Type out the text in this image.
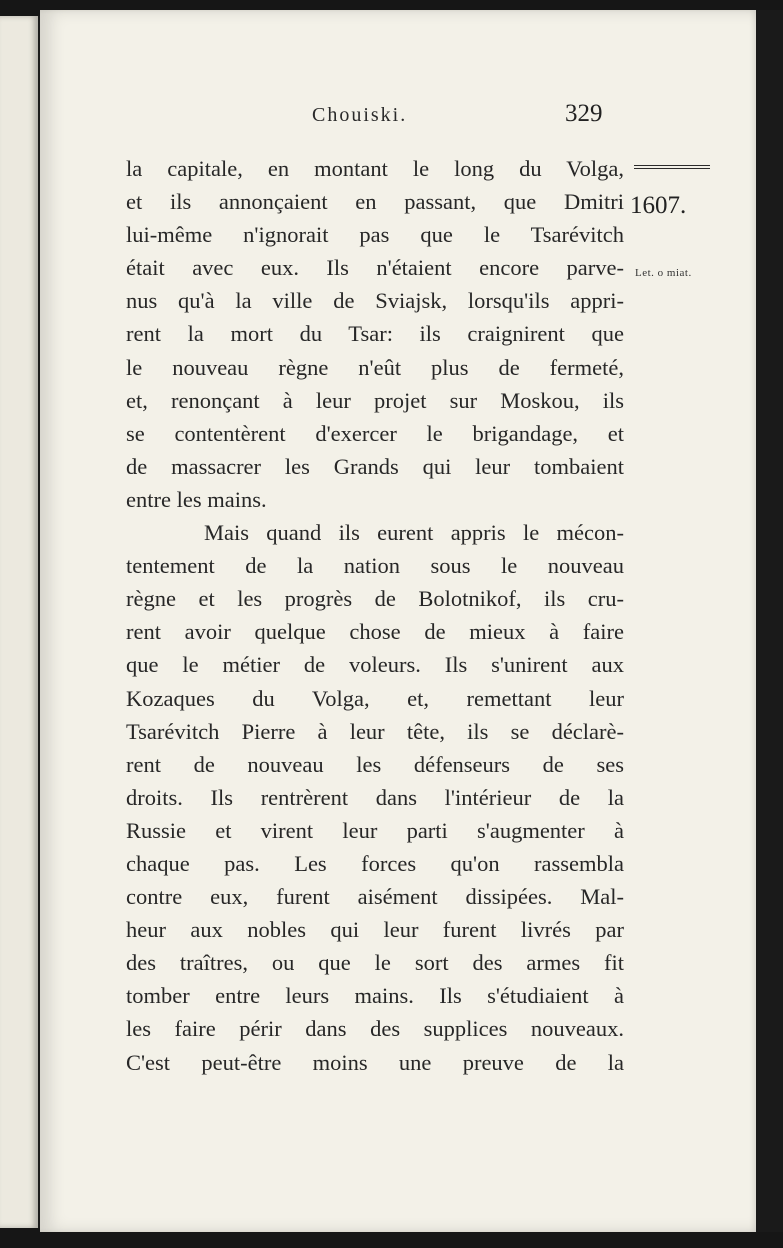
Chouiski.	329
1607.
Let. o miat.
la capitale, en montant le long du Volga,
et ils annonçaient en passant, que Dmitri
lui-même n'ignorait pas que le Tsarévitch
était avec eux. Ils n'étaient encore parve-
nus qu'à la ville de Sviajsk, lorsqu'ils appri-
rent la mort du Tsar: ils craignirent que
le nouveau règne n'eût plus de fermeté,
et, renonçant à leur projet sur Moskou, ils
se contentèrent d'exercer le brigandage, et
de massacrer les Grands qui leur tombaient
entre les mains.
Mais quand ils eurent appris le mécon-
tentement de la nation sous le nouveau
règne et les progrès de Bolotnikof, ils cru-
rent avoir quelque chose de mieux à faire
que le métier de voleurs. Ils s'unirent aux
Kozaques du Volga, et, remettant leur
Tsarévitch Pierre à leur tête, ils se déclarè-
rent de nouveau les défenseurs de ses
droits. Ils rentrèrent dans l'intérieur de la
Russie et virent leur parti s'augmenter à
chaque pas. Les forces qu'on rassembla
contre eux, furent aisément dissipées. Mal-
heur aux nobles qui leur furent livrés par
des traîtres, ou que le sort des armes fit
tomber entre leurs mains. Ils s'étudiaient à
les faire périr dans des supplices nouveaux.
C'est peut-être moins une preuve de la
